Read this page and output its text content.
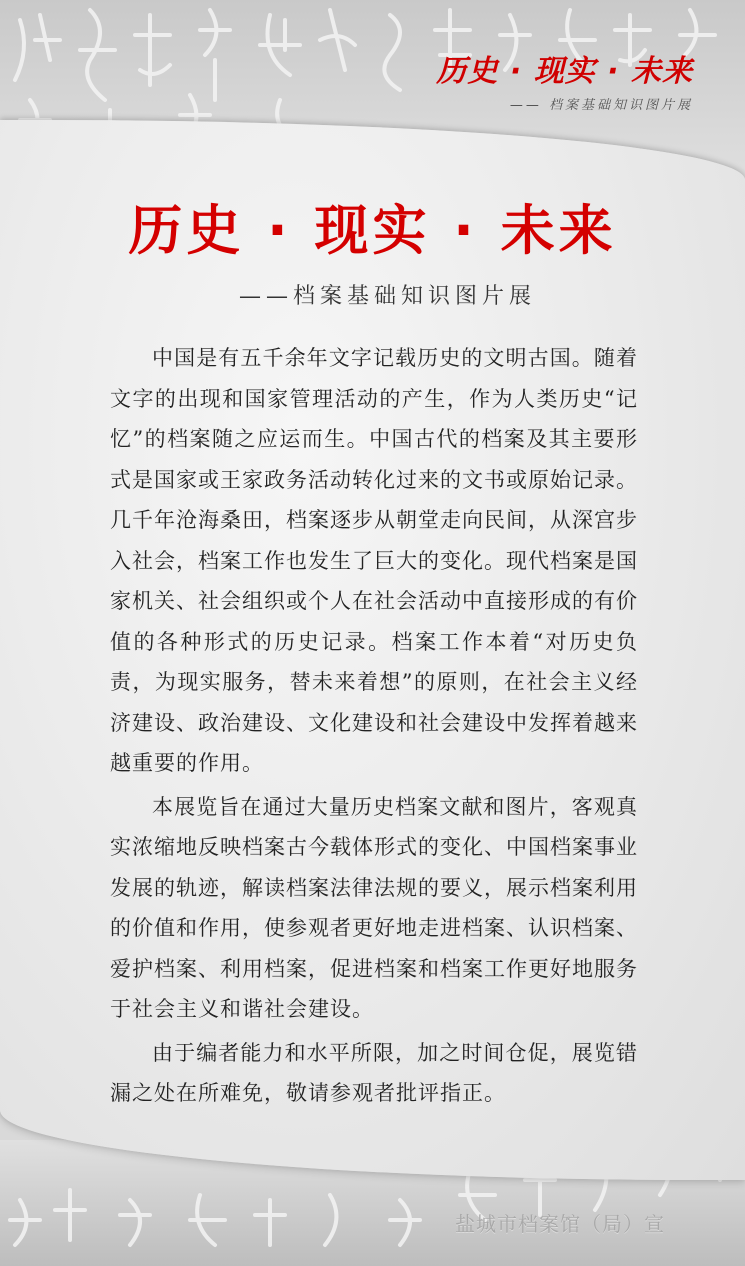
历史 · 现实 · 未来
—— 档案基础知识图片展
历史 · 现实 · 未来
——档案基础知识图片展

中国是有五千余年文字记载历史的文明古国。随着文字的出现和国家管理活动的产生，作为人类历史“记忆”的档案随之应运而生。中国古代的档案及其主要形式是国家或王家政务活动转化过来的文书或原始记录。几千年沧海桑田，档案逐步从朝堂走向民间，从深宫步入社会，档案工作也发生了巨大的变化。现代档案是国家机关、社会组织或个人在社会活动中直接形成的有价值的各种形式的历史记录。档案工作本着“对历史负责，为现实服务，替未来着想”的原则，在社会主义经济建设、政治建设、文化建设和社会建设中发挥着越来越重要的作用。

本展览旨在通过大量历史档案文献和图片，客观真实浓缩地反映档案古今载体形式的变化、中国档案事业发展的轨迹，解读档案法律法规的要义，展示档案利用的价值和作用，使参观者更好地走进档案、认识档案、爱护档案、利用档案，促进档案和档案工作更好地服务于社会主义和谐社会建设。

由于编者能力和水平所限，加之时间仓促，展览错漏之处在所难免，敬请参观者批评指正。

盐城市档案馆（局）宣
